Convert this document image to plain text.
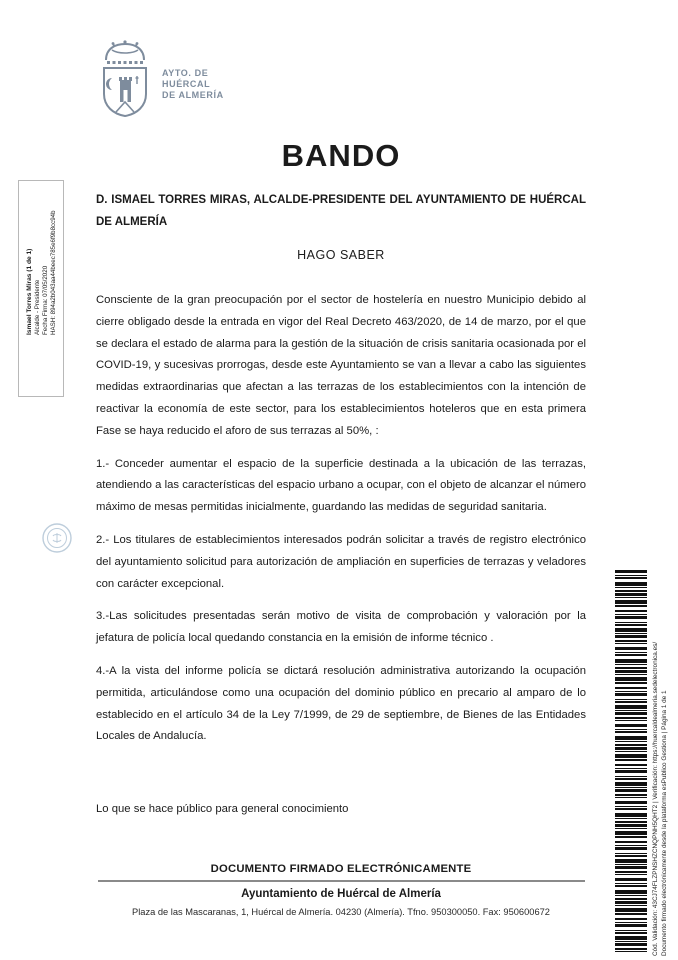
AYTO. DE
HUÉRCAL
DE ALMERÍA
BANDO
D. ISMAEL TORRES MIRAS, ALCALDE-PRESIDENTE DEL AYUNTAMIENTO DE HUÉRCAL DE ALMERÍA
HAGO SABER
Consciente de la gran preocupación por el sector de hostelería en nuestro Municipio debido al cierre obligado desde la entrada en vigor del Real Decreto 463/2020, de 14 de marzo, por el que se declara el estado de alarma para la gestión de la situación de crisis sanitaria ocasionada por el COVID-19, y sucesivas prorrogas, desde este Ayuntamiento se van a llevar a cabo las siguientes medidas extraordinarias que afectan a las terrazas de los establecimientos con la intención de reactivar la economía de este sector, para los establecimientos hoteleros que en esta primera Fase se haya reducido el aforo de sus terrazas al 50%, :
1.- Conceder aumentar el espacio de la superficie destinada a la ubicación de las terrazas, atendiendo a las características del espacio urbano a ocupar, con el objeto de alcanzar el número máximo de mesas permitidas inicialmente, guardando las medidas de seguridad sanitaria.
2.- Los titulares de establecimientos interesados podrán solicitar a través de registro electrónico del ayuntamiento solicitud para autorización de ampliación en superficies de terrazas y veladores con carácter excepcional.
3.-Las solicitudes presentadas serán motivo de visita de comprobación y valoración por la jefatura de policía local quedando constancia en la emisión de informe técnico .
4.-A la vista del informe policía se dictará resolución administrativa autorizando la ocupación permitida, articulándose como una ocupación del dominio público en precario al amparo de lo establecido en el artículo 34 de la Ley 7/1999, de 29 de septiembre, de Bienes de las Entidades Locales de Andalucía.
Lo que se hace público para general conocimiento
DOCUMENTO FIRMADO ELECTRÓNICAMENTE
Ayuntamiento de Huércal de Almería
Plaza de las Mascaranas, 1, Huércal de Almería. 04230 (Almería). Tfno. 950300050. Fax: 950600672
Ismael Torres Miras (1 de 1) Alcalde - Presidente Fecha Firma: 07/05/2020 HASH: 894a2b043aa44beec785e6f9b8cc94b
Cód. Validación: 43CJ74FLZPNSHZCNQPNH5QHT2 | Verificación: https://huercaldealmeria.sedelectronica.es/ Documento firmado electrónicamente desde la plataforma esPublico Gestiona | Página 1 de 1
